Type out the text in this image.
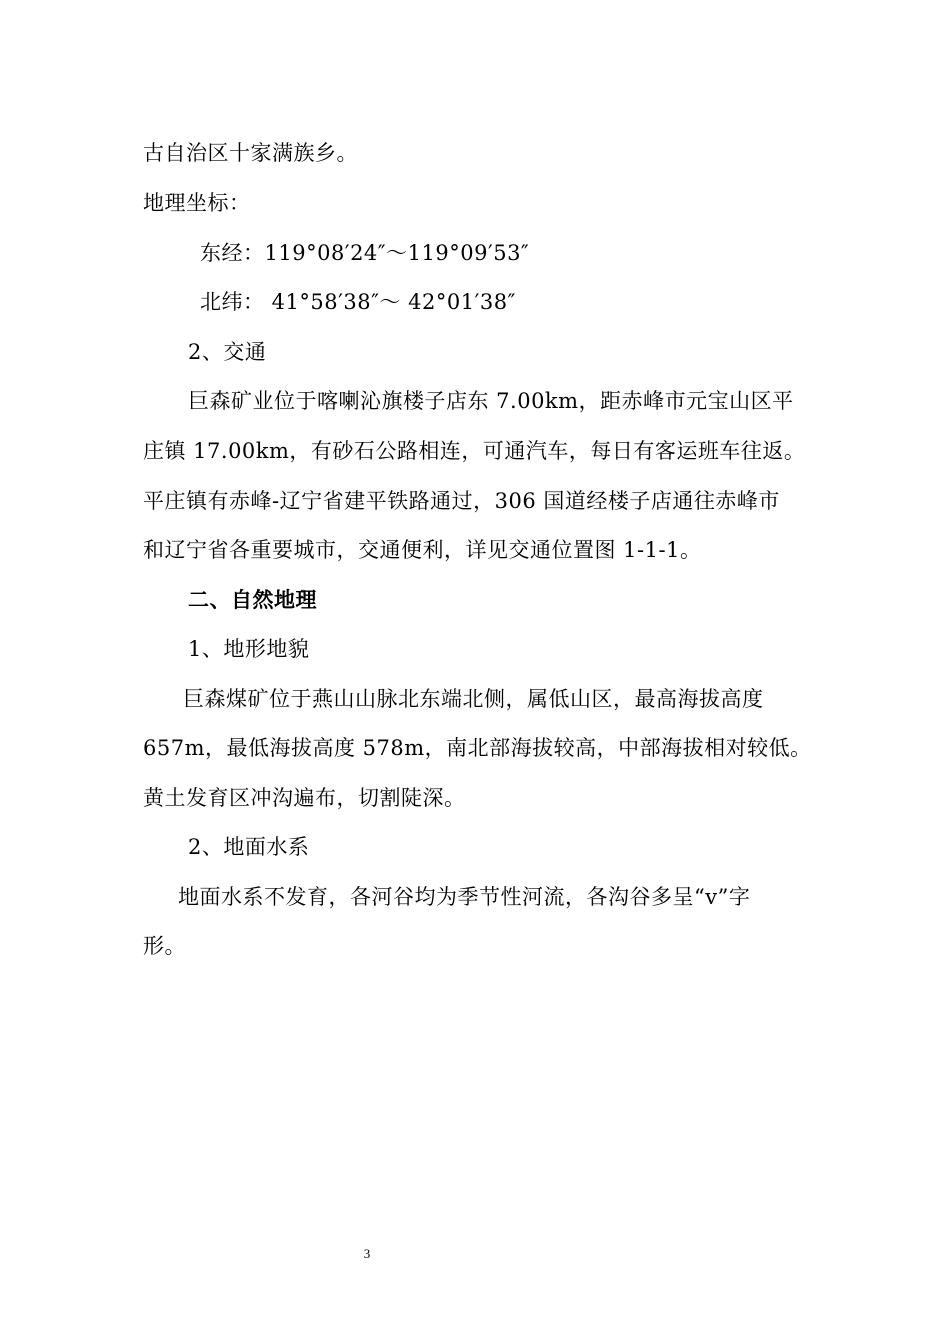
古自治区十家满族乡。
地理坐标：
东经：119°08′24″～119°09′53″
北纬： 41°58′38″～ 42°01′38″
2、交通
巨森矿业位于喀喇沁旗楼子店东 7.00km，距赤峰市元宝山区平
庄镇 17.00km，有砂石公路相连，可通汽车，每日有客运班车往返。
平庄镇有赤峰-辽宁省建平铁路通过，306 国道经楼子店通往赤峰市
和辽宁省各重要城市，交通便利，详见交通位置图 1-1-1。
二、自然地理
1、地形地貌
巨森煤矿位于燕山山脉北东端北侧，属低山区，最高海拔高度
657m，最低海拔高度 578m，南北部海拔较高，中部海拔相对较低。
黄土发育区冲沟遍布，切割陡深。
2、地面水系
地面水系不发育，各河谷均为季节性河流，各沟谷多呈“v”字
形。
3
